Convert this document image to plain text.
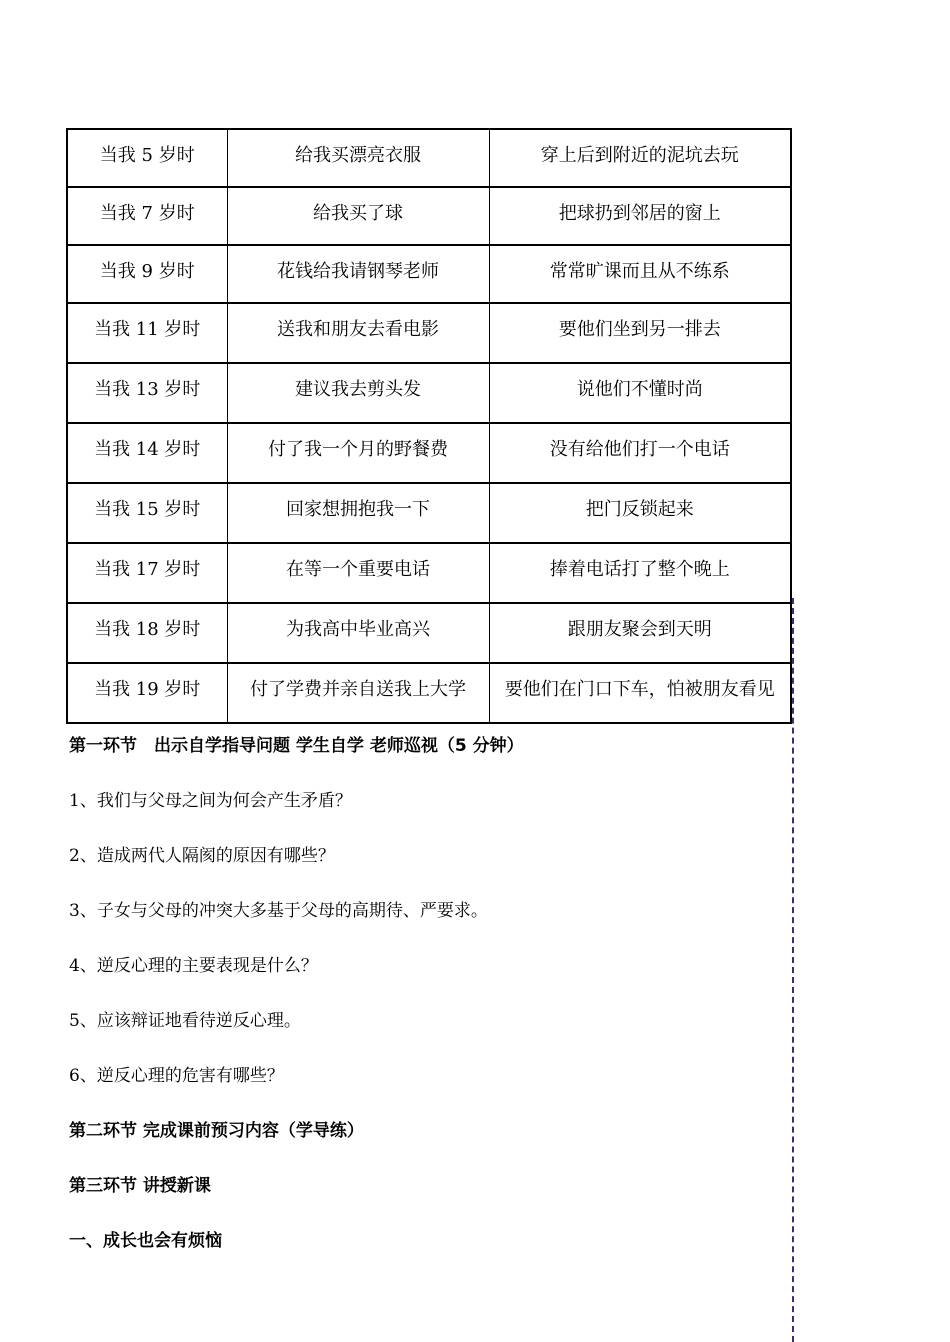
当我 5 岁时	给我买漂亮衣服	穿上后到附近的泥坑去玩
当我 7 岁时	给我买了球	把球扔到邻居的窗上
当我 9 岁时	花钱给我请钢琴老师	常常旷课而且从不练系
当我 11 岁时	送我和朋友去看电影	要他们坐到另一排去
当我 13 岁时	建议我去剪头发	说他们不懂时尚
当我 14 岁时	付了我一个月的野餐费	没有给他们打一个电话
当我 15 岁时	回家想拥抱我一下	把门反锁起来
当我 17 岁时	在等一个重要电话	捧着电话打了整个晚上
当我 18 岁时	为我高中毕业高兴	跟朋友聚会到天明
当我 19 岁时	付了学费并亲自送我上大学	要他们在门口下车，怕被朋友看见
第一环节　出示自学指导问题 学生自学 老师巡视（5 分钟）
1、我们与父母之间为何会产生矛盾？
2、造成两代人隔阂的原因有哪些？
3、子女与父母的冲突大多基于父母的高期待、严要求。
4、逆反心理的主要表现是什么？
5、应该辩证地看待逆反心理。
6、逆反心理的危害有哪些？
第二环节 完成课前预习内容（学导练）
第三环节 讲授新课
一、成长也会有烦恼
